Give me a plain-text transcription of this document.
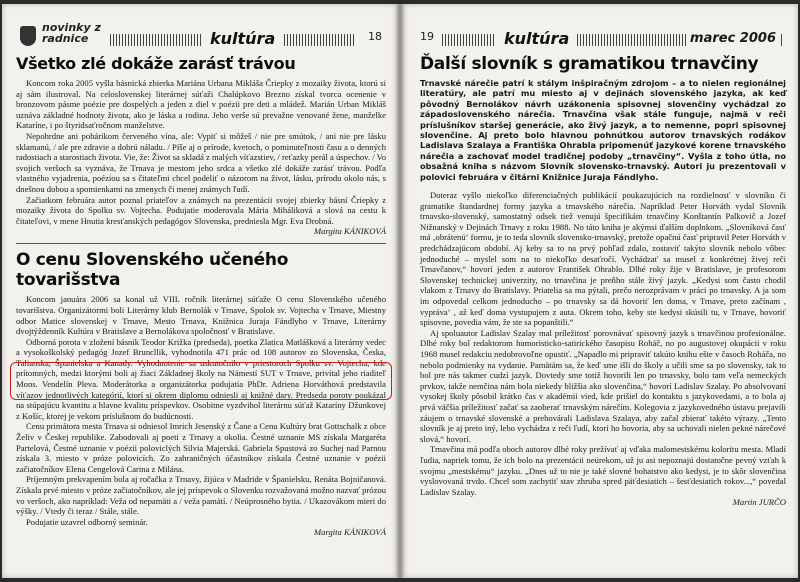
novinky z radnice	kultúra	18
Všetko zlé dokáže zarásť trávou

Koncom roka 2005 vyšla básnická zbierka Mariána Urbana Mikláša Čriepky z mozaiky života, ktorú si aj sám ilustroval. Na celoslovenskej literárnej súťaži Chalúpkovo Brezno získal tvorca ocenenie v bronzovom pásme poézie pre dospelých a jeden z diel v poézii pre deti a mládež. Marián Urban Mikláš uznáva základné hodnoty života, ako je láska a rodina. Jeho verše sú prevažne venované žene, manželke Kataríne, i po štyridsaťročnom manželstve.

Nepohrdne ani pohárikom červeného vína, ale: Vypiť si môžeš / nie pre smútok, / ani nie pre lásku sklamanú, / ale pre zdravie a dobrú náladu. / Píše aj o prírode, kvetoch, o pominuteľnosti času a o denných radostiach a starostiach života. Vie, že: Život sa skladá z malých víťazstiev, / reťazky perál a úspechov. / Vo svojich veršoch sa vyznáva, že Trnava je mestom jeho srdca a všetko zlé dokáže zarásť trávou. Podľa vlastného vyjadrenia, poéziou sa s čitateľmi chcel podeliť o názorom na život, lásku, prírodu okolo nás, s dnešnou dobou a spomienkami na zmenych či menej známych ľudí.

Začiatkom februára autor poznal priateľov a známych na prezentácii svojej zbierky básní Čriepky z mozaiky života do Spolku sv. Vojtecha. Podujatie moderovala Mária Miháliková a slová na cestu k čitateľovi, v mene Hnutia kresťanských pedagógov Slovenska, predniesla Mgr. Eva Drobná.

Margita KÁNIKOVÁ
O cenu Slovenského učeného tovarišstva

Koncom januára 2006 sa konal už VIII. ročník literárnej súťaže O cenu Slovenského učeného tovarišstva. Organizátormi boli Literárny klub Bernolák v Trnave, Spolok sv. Vojtecha v Trnave, Miestny odbor Matice slovenskej v Trnave, Mesto Trnava, Knižnica Juraja Fándlyho v Trnave, Literárny dvojtýždenník Kultúra v Bratislave a Bernolákova spoločnosť v Bratislave.

Odborná porota v zložení básnik Teodor Križka (predseda), poetka Zlatica Matlášková a literárny vedec a vysokoškolský pedagóg Jozef Bruncllik, vyhodnotila 471 prác od 108 autorov zo Slovenska, Česka, Talianska, Španielska a Kanady. Vyhodnotenie sa uskutočnilo v priestoroch Spolku sv. Vojtecha, kde prítomných, medzi ktorými boli aj žiaci Základnej školy na Námestí SUT v Trnave, privítal jeho riaditeľ Mons. Vendelín Pleva. Moderátorka a organizátorka podujatia PhDr. Adriena Horváthová predstavila víťazov jednotlivých kategórií, ktorí si okrem diplomu odniesli aj knižné dary. Predseda poroty poukázal na stúpajúcu kvantitu a hlavne kvalitu príspevkov. Osobitne vyzdvihol literárnu súťaž Kataríny Džunkovej z Košíc, ktorej je vekom príslušnom do budúcnosti.

Cenu primátora mesta Trnava si odniesol Imrich Jesenský z Čane a Cenu Kultúry brat Gottschalk z obce Želiv v Českej republike. Zabodovali aj poeti z Trnavy a okolia. Čestné uznanie MS získala Margaréta Partelová, Čestné uznanie v poézii poloviclých Silvia Majerská. Gabriela Spustová zo Suchej nad Parnou získala 3. miesto v próze polovicích. Zo zahraničných účastníkov získala Čestné uznanie v poézii začiatočníkov Elena Cengelová Carina z Milána.

Príjemným prekvapením bola aj ročačka z Trnavy, žijúca v Madride v Španielsku, Renáta Bojničanová. Získala prvé miesto v próze začiatočníkov, ale jej príspevok o Slovenku rozvažovaná možno nazvať prózou vo veršoch, ako napríklad: Veža od nepamäti a / veža pamätí. / Neúprosného bytia. / Ukazovákom mieri do výšky. / Vtedy či teraz / Stále, stále.

Podujatie uzavrel odborný seminár.

Margita KÁNIKOVÁ
19	kultúra	marec 2006
Ďalší slovník s gramatikou trnavčiny

Trnavské nárečie patrí k stálym inšpiračným zdrojom – a to nielen regionálnej literatúry, ale patrí mu miesto aj v dejinách slovenského jazyka, ak keď pôvodný Bernolákov návrh uzákonenia spisovnej slovenčiny vychádzal zo západoslovenského nárečia. Trnavčina však stále funguje, najmä v reči príslušníkov staršej generácie, ako živý jazyk, a to nemenne, popri spisovnej slovenčine. Aj preto bolo hlavnou pohnútkou autorov trnavských rodákov Ladislava Szalaya a Františka Ohrabla pripomenúť jazykové korene trnavského nárečia a zachovať model tradičnej podoby „trnavčiny“. Vyšla z toho útla, no obsažná kniha s názvom Slovník slovensko-trnavský. Autori ju prezentovali v polovici februára v čitárni Knižnice Juraja Fándlyho.

Doteraz vyšlo niekoľko diferenciačných publikácií poukazujúcich na rozdielnosť v slovníku či gramatike štandardnej formy jazyka a trnavského nárečia. Napríklad Peter Horváth vydal Slovník trnavsko-slovenský, samostatný odsek tiež venujú špecifikám trnavčiny Konštantín Palkovič a Jozef Nižnanský v Dejinách Trnavy z roku 1988. No táto kniha je akýmsi ďalším doplnkom. „Slovníková časť má ‚obrátenú‘ formu, je to teda slovník slovensko-trnavský, pretože opačnú časť pripravil Peter Horváth v predchádzajúcom období. Aj keby sa to na prvý pohľad zdalo, zostaviť takýto slovník nebolo vôbec jednoduché – myslel som na to niekoľko desaťročí. Vychádzať sa musel z konkrétnej živej reči Trnavčanov,“ hovorí jeden z autorov František Ohrablo. Dlhé roky žije v Bratislave, je profesorom Slovenskej technickej univerzity, no trnavčina je preňho stále živý jazyk. „Kedysi som často chodil vlakom z Trnavy do Bratislavy. Priatelia sa ma pýtali, prečo nerozprávam v práci po trnavsky. A ja som im odpovedal celkom jednoducho – po trnavsky sa dá hovoriť len doma, v Trnave, preto začínam , vypráva‘ , až keď doma vystupujem z auta. Okrem toho, keby ste kedysi skúsili tu, v Trnave, hovoriť spisovne, povedia vám, že ste sa popanštili.“

Aj spoluautor Ladislav Szalay mal príležitosť porovnávať spisovný jazyk s trnavčinou profesionálne. Dlhé roky bol redaktorom humoristicko-satirického časopisu Roháč, no po augustovej okupácii v roku 1968 musel redakciu nedobrovoľne opustiť. „Napadlo mi pripraviť takúto knihu ešte v časoch Roháča, no nebolo podmienky na vydanie. Pamätám sa, že keď sme išli do školy a učili sme sa po slovensky, tak to bol pre nás takmer cudzí jazyk. Dovtedy sme totiž hovorili len po trnavsky, bolo tam veľa nemeckých prvkov, takže nemčina nám bola niekedy bližšia ako slovenčina,“ hovorí Ladislav Szalay. Po absolvovaní vysokej školy pôsobil krátko čas v akadémii vied, kde prišiel do kontaktu s jazykovedami, a to bola aj prvá väčšia príležitosť začať sa zaoberať trnavským nárečím. Kolegovia z jazykovedného ústavu prejavili záujem o trnavské slovenské a prehovárali Ladislava Szalaya, aby začal zbierať takéto výrazy. „Tento slovník je aj preto iný, lebo vychádza z reči ľudí, ktorí ho hovoria, aby sa uchovali nielen pekné nárečové slová,“ hovorí.

Trnavčina má podľa oboch autorov dlhé roky prežívať aj vďaka malomestskému koloritu mesta. Mladí ľudia, napriek tomu, že ich bolo na prezentácii neúrekom, už ju asi nepoznajú dostatočne pevný vzťah k svojmu „mestskému“ jazyku. „Dnes už to nie je také slovné bohatstvo ako kedysi, je to skôr slovenčina vyslovovaná trvdo. Chcel som zachytiť stav zhruba spred päťdesiatich – šesťdesiatich rokov...,“ povedal Ladislav Szalay.

Martin JURČO
